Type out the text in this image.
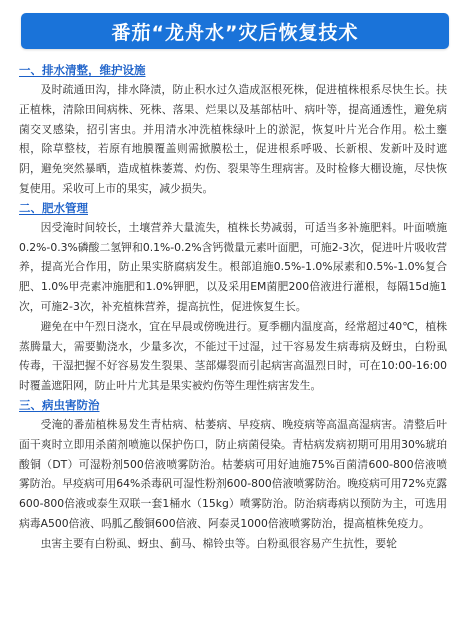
番茄“龙舟水”灾后恢复技术
一、排水清整，维护设施

及时疏通田沟，排水降渍，防止积水过久造成沤根死株，促进植株根系尽快生长。扶正植株，清除田间病株、死株、落果、烂果以及基部枯叶、病叶等，提高通透性，避免病菌交叉感染，招引害虫。并用清水冲洗植株绿叶上的淤泥，恢复叶片光合作用。松土壅根，除草整枝，若原有地膜覆盖则需掀膜松土，促进根系呼吸、长新根、发新叶及时遮阴，避免突然暴晒，造成植株萎蔫、灼伤、裂果等生理病害。及时检修大棚设施，尽快恢复使用。采收可上市的果实，减少损失。

二、肥水管理

因受淹时间较长，土壤营养大量流失，植株长势减弱，可适当多补施肥料。叶面喷施0.2%-0.3%磷酸二氢钾和0.1%-0.2%含钙微量元素叶面肥，可施2-3次，促进叶片吸收营养，提高光合作用，防止果实脐腐病发生。根部追施0.5%-1.0%尿素和0.5%-1.0%复合肥、1.0%甲壳素冲施肥和1.0%钾肥，以及采用EM菌肥200倍液进行灌根，每隔15d施1次，可施2-3次，补充植株营养，提高抗性，促进恢复生长。

避免在中午烈日浇水，宜在早晨或傍晚进行。夏季棚内温度高，经常超过40℃，植株蒸腾量大，需要勤浇水，少量多次，不能过干过湿，过干容易发生病毒病及蚜虫，白粉虱传毒，干湿把握不好容易发生裂果、茎部爆裂而引起病害高温烈日时，可在10:00-16:00时覆盖遮阳网，防止叶片尤其是果实被灼伤等生理性病害发生。

三、病虫害防治

受淹的番茄植株易发生青枯病、枯萎病、早疫病、晚疫病等高温高湿病害。清整后叶面干爽时立即用杀菌剂喷施以保护伤口，防止病菌侵染。青枯病发病初期可用用30%琥珀酸铜（DT）可湿粉剂500倍液喷雾防治。枯萎病可用好迪施75%百菌清600-800倍液喷雾防治。早疫病可用64%杀毒矾可湿性粉剂600-800倍液喷雾防治。晚疫病可用72%克露600-800倍液或泰生双联一套1桶水（15kg）喷雾防治。防治病毒病以预防为主，可选用病毒A500倍液、吗胍乙酸铜600倍液、阿泰灵1000倍液喷雾防治，提高植株免疫力。

虫害主要有白粉虱、蚜虫、蓟马、棉铃虫等。白粉虱很容易产生抗性，要轮
